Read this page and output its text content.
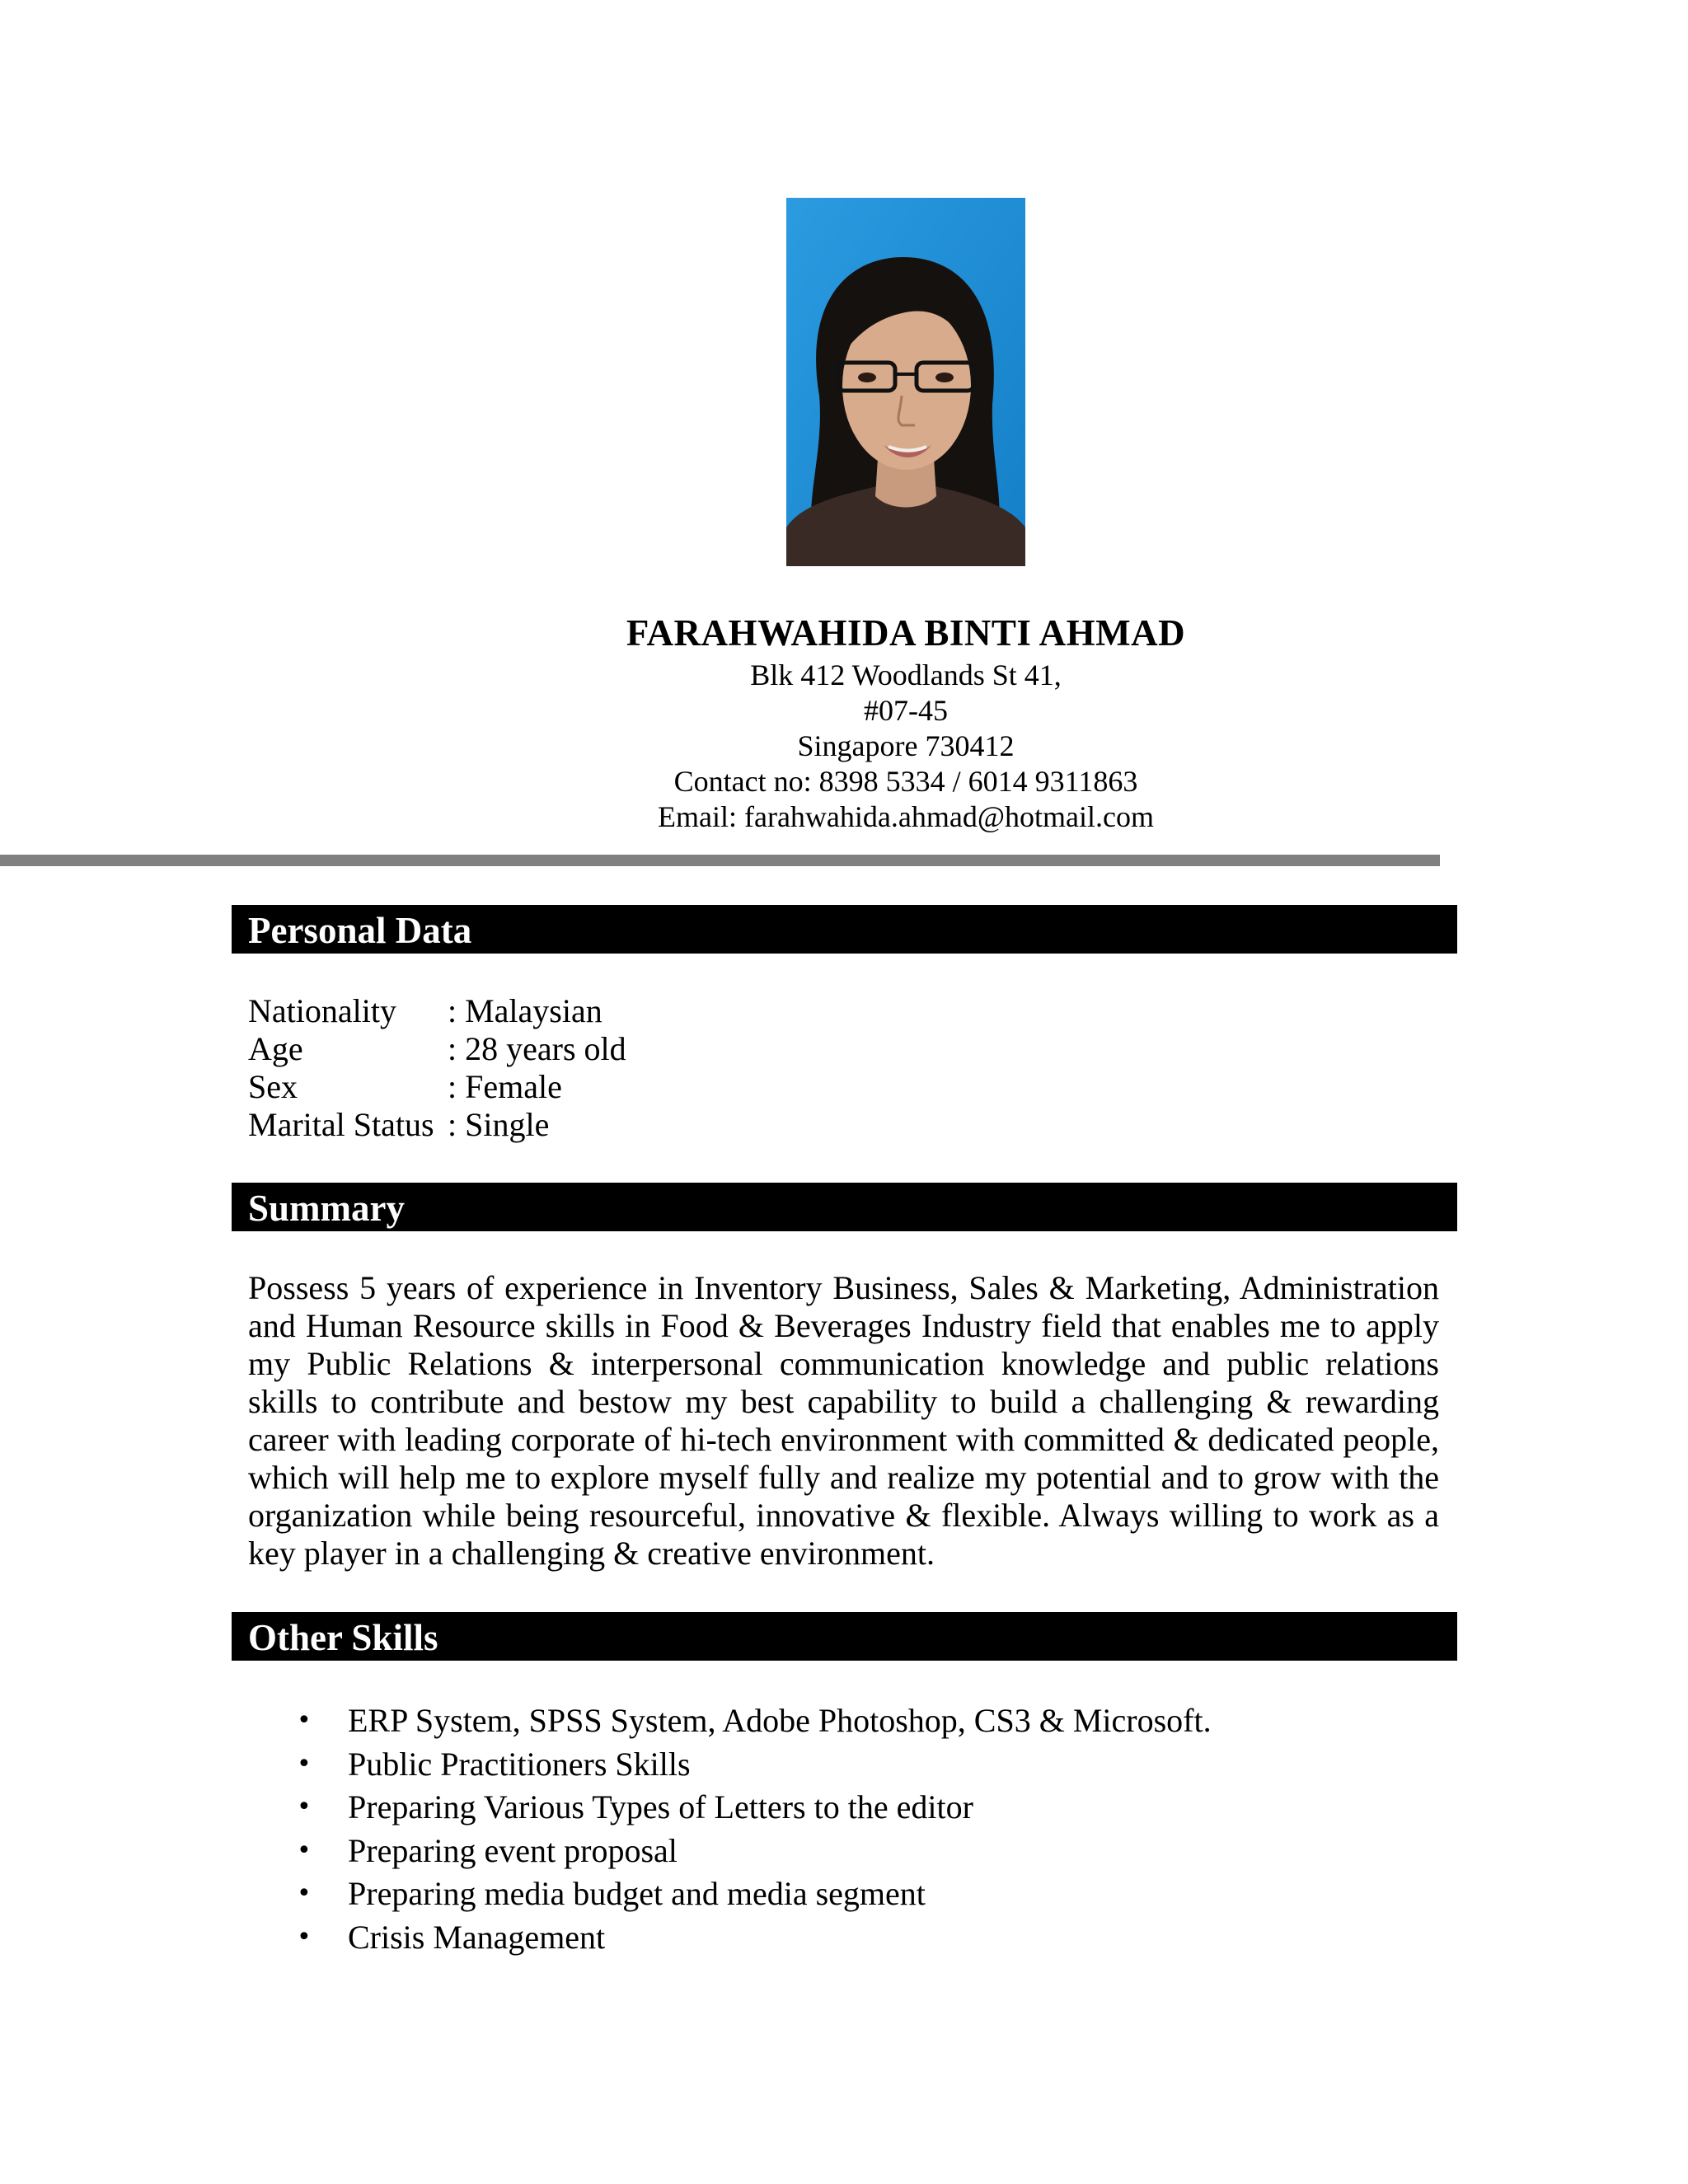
FARAHWAHIDA BINTI AHMAD
Blk 412 Woodlands St 41,
#07-45
Singapore 730412
Contact no: 8398 5334 / 6014 9311863
Email: farahwahida.ahmad@hotmail.com
Personal Data
Nationality	: Malaysian
Age	: 28 years old
Sex	: Female
Marital Status : Single
Summary
Possess 5 years of experience in Inventory Business, Sales & Marketing, Administration and Human Resource skills in Food & Beverages Industry field that enables me to apply my Public Relations & interpersonal communication knowledge and public relations skills to contribute and bestow my best capability to build a challenging & rewarding career with leading corporate of hi-tech environment with committed & dedicated people, which will help me to explore myself fully and realize my potential and to grow with the organization while being resourceful, innovative & flexible. Always willing to work as a key player in a challenging & creative environment.
Other Skills
• ERP System, SPSS System, Adobe Photoshop, CS3 & Microsoft.
• Public Practitioners Skills
• Preparing Various Types of Letters to the editor
• Preparing event proposal
• Preparing media budget and media segment
• Crisis Management
